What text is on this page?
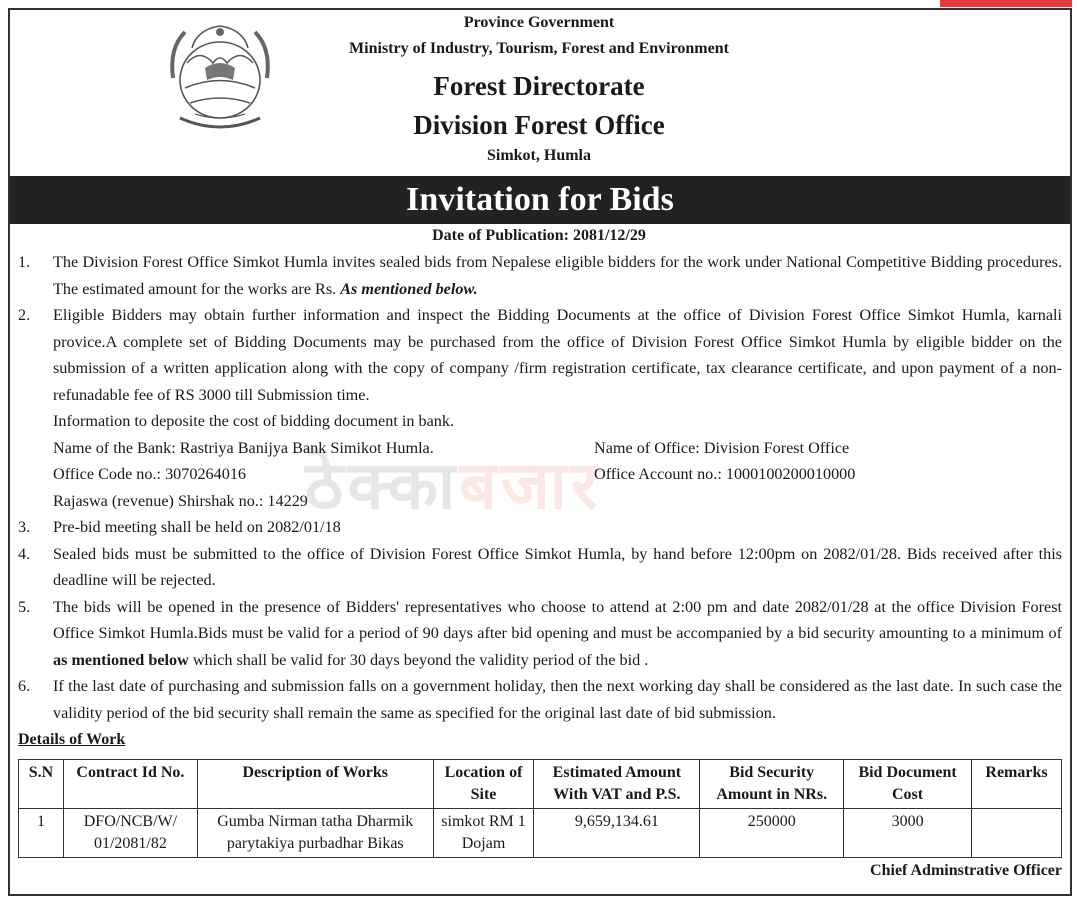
Province Government
Ministry of Industry, Tourism, Forest and Environment
Forest Directorate
Division Forest Office
Simkot, Humla
Invitation for Bids
Date of Publication: 2081/12/29
ठेक्काबजार
1.	The Division Forest Office Simkot Humla invites sealed bids from Nepalese eligible bidders for the work under National Competitive Bidding procedures. The estimated amount for the works are Rs. As mentioned below.
2.	Eligible Bidders may obtain further information and inspect the Bidding Documents at the office of Division Forest Office Simkot Humla, karnali provice.A complete set of Bidding Documents may be purchased from the office of Division Forest Office Simkot Humla by eligible bidder on the submission of a written application along with the copy of company /firm registration certificate, tax clearance certificate, and upon payment of a non-refunadable fee of RS 3000 till Submission time.
Information to deposite the cost of bidding document in bank.
Name of the Bank: Rastriya Banijya Bank Simikot Humla.	Name of Office: Division Forest Office
Office Code no.: 3070264016	Office Account no.: 1000100200010000
Rajaswa (revenue) Shirshak no.: 14229
3.	Pre-bid meeting shall be held on 2082/01/18
4.	Sealed bids must be submitted to the office of Division Forest Office Simkot Humla, by hand before 12:00pm on 2082/01/28. Bids received after this deadline will be rejected.
5.	The bids will be opened in the presence of Bidders' representatives who choose to attend at 2:00 pm and date 2082/01/28 at the office Division Forest Office Simkot Humla.Bids must be valid for a period of 90 days after bid opening and must be accompanied by a bid security amounting to a minimum of as mentioned below which shall be valid for 30 days beyond the validity period of the bid .
6.	If the last date of purchasing and submission falls on a government holiday, then the next working day shall be considered as the last date. In such case the validity period of the bid security shall remain the same as specified for the original last date of bid submission.
Details of Work
S.N	Contract Id No.	Description of Works	Location of Site	Estimated Amount With VAT and P.S.	Bid Security Amount in NRs.	Bid Document Cost	Remarks
1	DFO/NCB/W/ 01/2081/82	Gumba Nirman tatha Dharmik parytakiya purbadhar Bikas	simkot RM 1 Dojam	9,659,134.61	250000	3000	
Chief Adminstrative Officer
